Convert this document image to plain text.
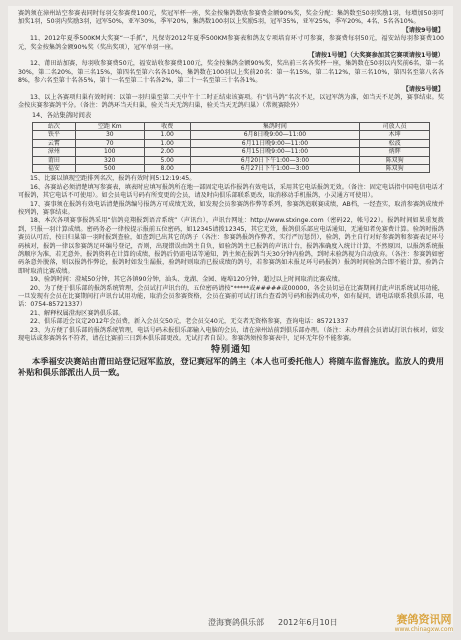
赛鸽须在漳州站空参赛表同时每羽交参赛费100元，奖冠军杯一座，奖金按集鸽数收参赛费金额90%奖，奖金分配：集鸽数至50羽奖励1羽，每增加50羽可加奖1羽，50羽内奖励3羽，冠军50%，亚军30%，季军20%，集鸽数100羽以上奖励5羽，冠军35%，亚军25%，季军20%，4名、5名各10%。

【请按9号键】

11、2012年夏季500KM大奖赛“一手抓”，凡保寄2012年夏季500KM参赛表和鸽友专项培育环寸可参赛，参赛费每羽50元，福安站每羽参赛费100元，奖金按集鸽金额90%奖（奖出奖项），冠军单羽一座。

【请按1号键】（大奖赛参加其它赛项请按1号键）

12、莆田站加赛，每羽收参赛费50元，福安站收参赛费100元，奖金按集鸽金额90%奖，奖出前三名各奖杯一座，集鸽数在50羽以内奖前6名，第一名30%，第二名20%，第三名15%，第四名至第六名各10%，集鸽数在100羽以上奖前20名：第一名15%，第二名12%，第三名10%，第四名至第八名各8%，参六名至第十名各5%，第十一名至第二十名各2%，第二十一名至第三十名各1%。

【请按5号键】

13、以上各赛项归巢有效时间：以第一羽归巢至第二天中午十二时正结束该赛项。有“信马鸽”名次不足，以冠军鸽为准，如当天不足鸽，赛事结束。奖金按庆赛参赛鸽平分。（备注：鸽鸽环当天归巢，验关当天无鸽归巢，验关当天无鸽归巢）（常规赛除外）

14、各站集鸽时间表
站次	空距 Km	收费	集鸽时间	司放人员
铁平	30	1.00	6月8日晚9:00—11:00	木坤
云霄	70	1.00	6月11日晚9:00—11:00	松波
漳州	100	2.00	6月15日晚9:00—11:00	炳辉
莆田	320	5.00	6月20日下午1:00—3:00	陈双狗
福安	500	8.00	6月27日下午1:00—3:00	陈双狗

15、比赛以镇现空距排列名次，报鸽有效时间5:12:19:45。

16、各赛站必须清楚填写参赛表，填表时应填写报鸽所在地一部固定电话作报鸽有效电话，采用其它电话报鸽无效。（备注：固定电话指中国电信电话才可报鸽，其它电话不可使用）。如会员电话号码有所变更的会员，请及时向俱乐部联系更改，取消移动手机报鸽，小灵通方可使用）。

17、赛事须在报鸽有效电话清楚报鸽编号报鸽方可成绩无效，如发现会员参赛鸽作弊等系列，参赛鸽追联赛成绩，AB档，一经查实，取消参赛鸽成绩并按列鸽，赛事结束。

18、本次各项赛事报鸽采用“信鸽竞翔报到语音系统”（声讯台），声讯台网址：http://www.stxinge.com（密码22，帐号22）。报鸽时间如果重复拨到，只报一羽计算成绩。密码务必一律按提示报前五位密码，如12345请拨12345，其它无效，报鸽俱乐部应电话通知，无通知者免赛费计算。验鸽时报鸽赛员认可后，按日归巢第一羽时报到查验，如查到已出其它的鸽子（各注：参赛鸽报鸽作弊者，实行严厉惩罚），验鸽，鸽主自行对好参赛鸽和参赛表足环号码核对，报鸽一律以参赛鸽足环编号登记，否则，出现错误由鸽主自负，如验鸽鸽主已报鸽的声讯计台，报鸽准确度入统计计算，不然原因，以报鸽系统报鸽顺序为准，若无意外，报鸽资料在计算的成绩，报鸽后仍需电话等通知，鸽主须在报鸽当天30分钟内验鸽，到时未验鸽视为自动放弃。（各注：参赛鸽如密码条意外脱落，则以报鸽作弊论，报鸽时如发生漏报，验鸽时则取消已报成绩的鸽号，若参赛鸽如未报足环号码报鸽）报鸽时间验鸽合即不能计算，验鸽合即时取消比赛成绩。

19、验鸽时间：澄城50分钟，其它各镇90分钟，汕头、龙湖、金园、庵埠120分钟，超过以上时间取消比赛成绩。

20、为了便于俱乐部的报鸽系统管理，会员试打声讯台的，五位密码请按“*****或#####或00000，各会员切忌在比赛期间打此声讯系统试用功能，一旦发现有会员在比赛期间打声讯台试用功能，取消会员参赛资格，会员在赛前可试打讯台查看鸽号码和报鸽成功率，如有疑问，请电话联系我俱乐部，电话：0754-85721337）

21、解释权属澄海区赛鸽俱乐部。

22、俱乐部近会议定2012年会员费，新入会员交50元，老会员交40元，无交者无资格参赛，查询电话：85721337

23、为方便了俱乐部的报鸽系统管理，电话号码未报俱乐部输入电脑的会员，请在漳州站前到俱乐部办理。（备注：未办理前会员请试打讯台核对，如发现电话或参赛鸽名不符者，请在比赛前三日到本俱乐部更改。无试打者自误）。参赛鸽须按参赛表中，足环无年份不能参赛。

特别通知

本季福安决赛站由莆田站登记冠军监放，登记赛冠军的鸽主（本人也可委托他人）将随车监督施放。监放人的费用补贴和俱乐部派出人员一致。

澄海赛鸽俱乐部 2012年6月10日	赛鸽资讯网
www.chinagxw.com
